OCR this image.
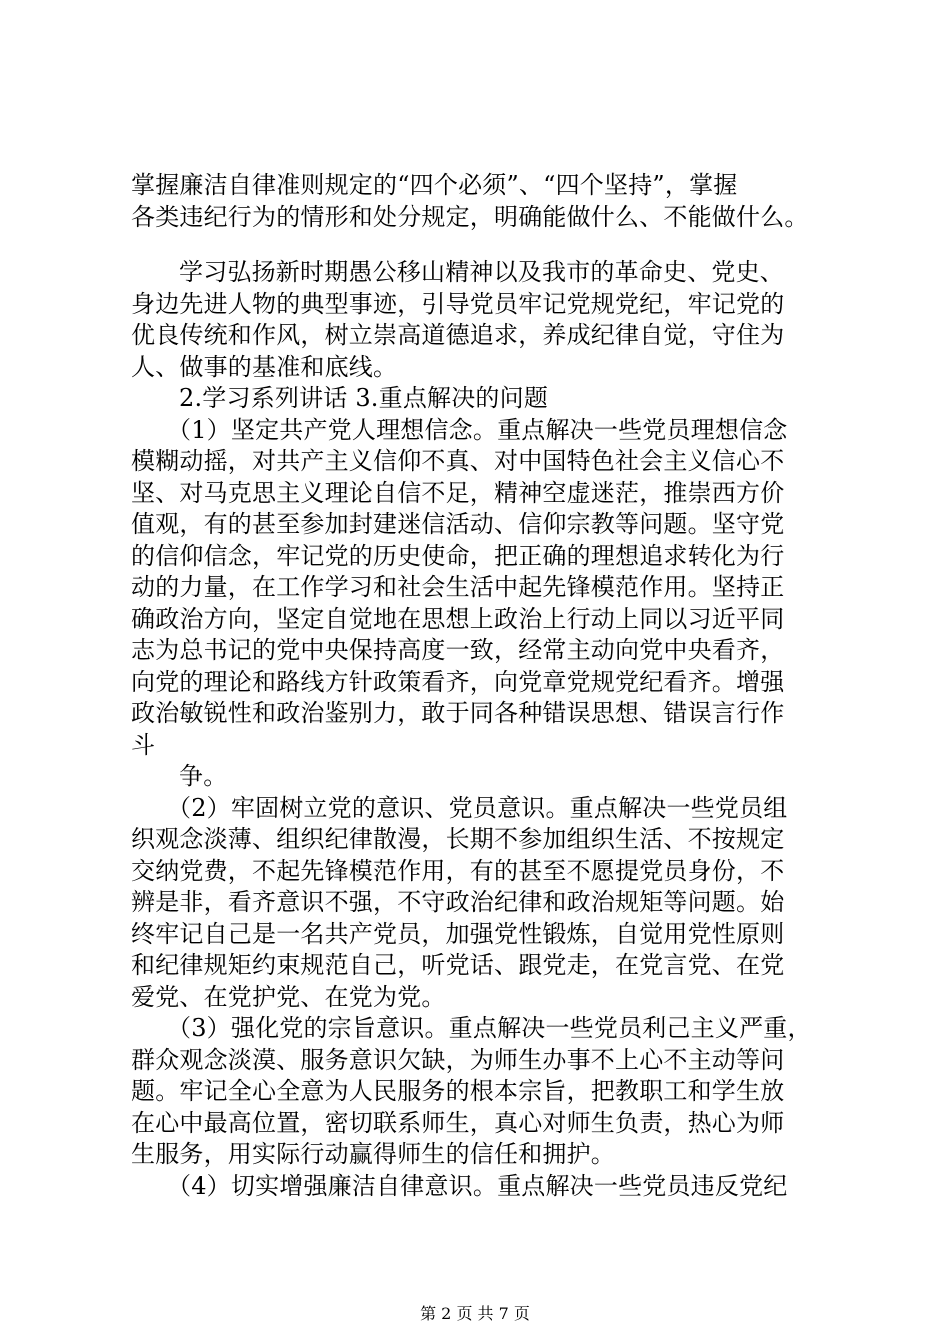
掌握廉洁自律准则规定的“四个必须”、“四个坚持”，掌握
各类违纪行为的情形和处分规定，明确能做什么、不能做什么。
学习弘扬新时期愚公移山精神以及我市的革命史、党史、
身边先进人物的典型事迹，引导党员牢记党规党纪，牢记党的
优良传统和作风，树立崇高道德追求，养成纪律自觉，守住为
人、做事的基准和底线。
2.学习系列讲话 3.重点解决的问题
（1）坚定共产党人理想信念。重点解决一些党员理想信念
模糊动摇，对共产主义信仰不真、对中国特色社会主义信心不
坚、对马克思主义理论自信不足，精神空虚迷茫，推崇西方价
值观，有的甚至参加封建迷信活动、信仰宗教等问题。坚守党
的信仰信念，牢记党的历史使命，把正确的理想追求转化为行
动的力量，在工作学习和社会生活中起先锋模范作用。坚持正
确政治方向，坚定自觉地在思想上政治上行动上同以习近平同
志为总书记的党中央保持高度一致，经常主动向党中央看齐，
向党的理论和路线方针政策看齐，向党章党规党纪看齐。增强
政治敏锐性和政治鉴别力，敢于同各种错误思想、错误言行作
斗
争。
（2）牢固树立党的意识、党员意识。重点解决一些党员组
织观念淡薄、组织纪律散漫，长期不参加组织生活、不按规定
交纳党费，不起先锋模范作用，有的甚至不愿提党员身份，不
辨是非，看齐意识不强，不守政治纪律和政治规矩等问题。始
终牢记自己是一名共产党员，加强党性锻炼，自觉用党性原则
和纪律规矩约束规范自己，听党话、跟党走，在党言党、在党
爱党、在党护党、在党为党。
（3）强化党的宗旨意识。重点解决一些党员利己主义严重，
群众观念淡漠、服务意识欠缺，为师生办事不上心不主动等问
题。牢记全心全意为人民服务的根本宗旨，把教职工和学生放
在心中最高位置，密切联系师生，真心对师生负责，热心为师
生服务，用实际行动赢得师生的信任和拥护。
（4）切实增强廉洁自律意识。重点解决一些党员违反党纪
第 2 页 共 7 页
